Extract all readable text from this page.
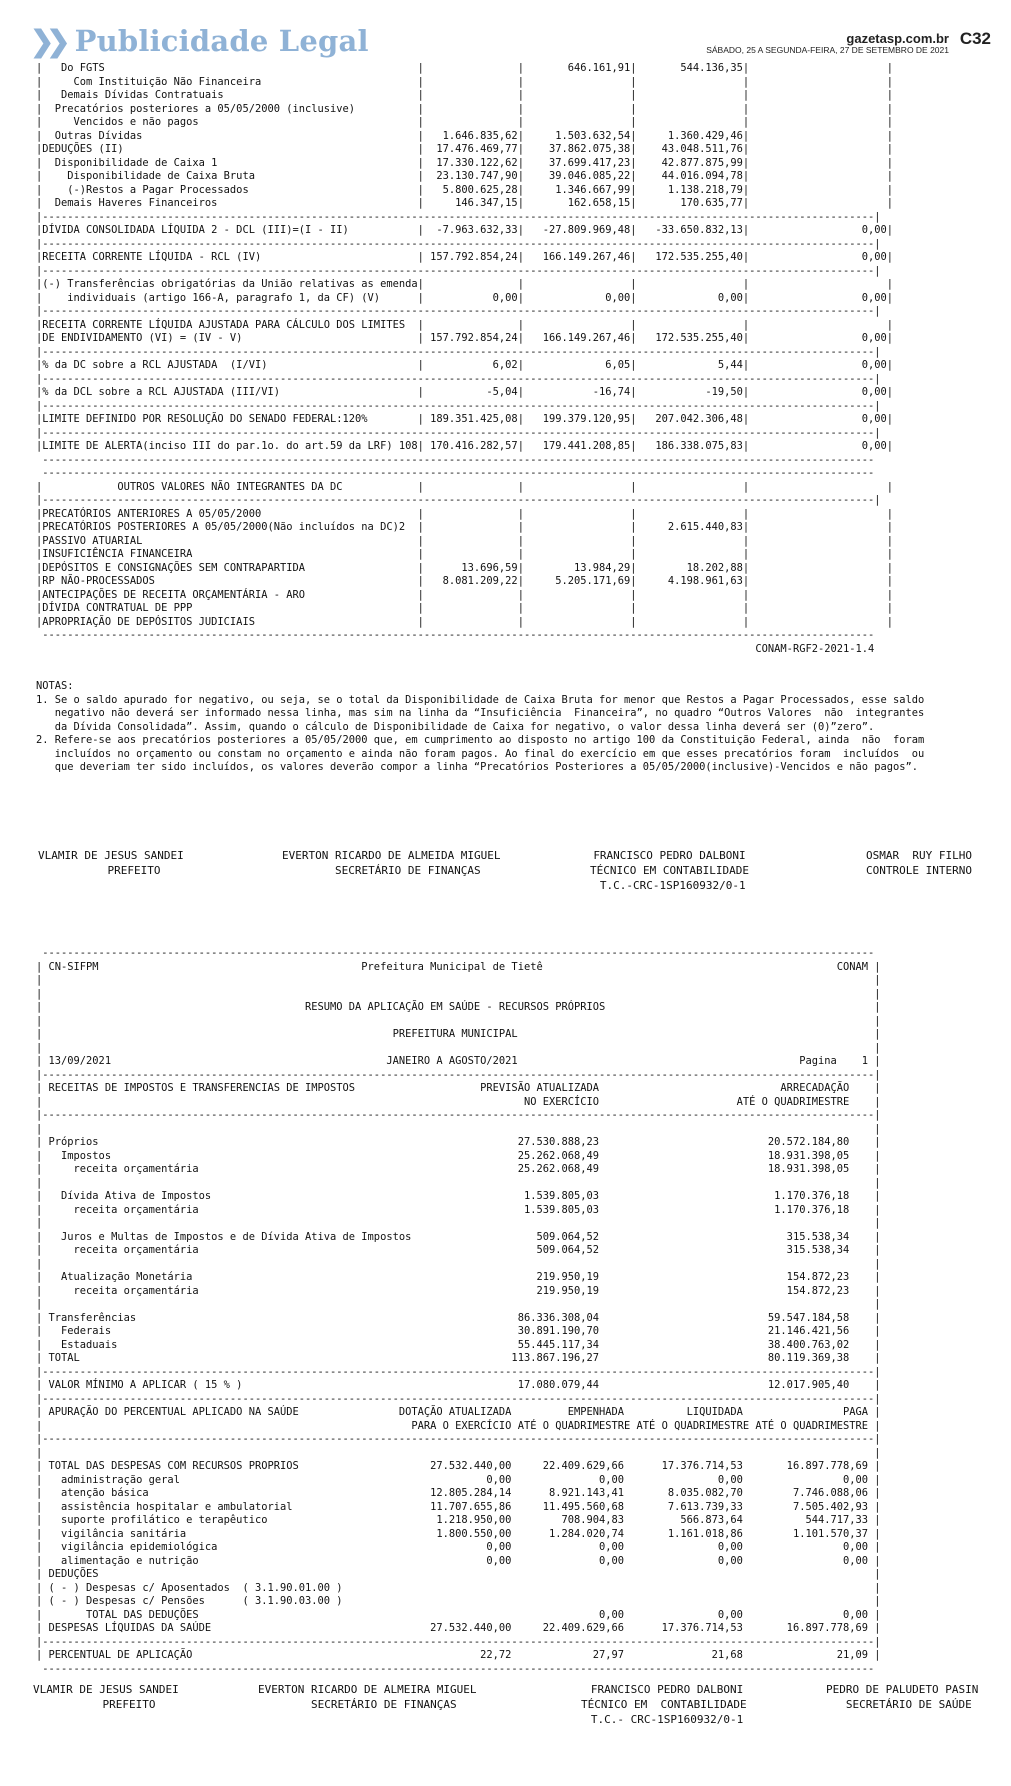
❯❯ Publicidade Legal	gazetasp.com.br
SÁBADO, 25 A SEGUNDA-FEIRA, 27 DE SETEMBRO DE 2021
C32
|   Do FGTS                                                  |               |       646.161,91|       544.136,35|                      |
|     Com Instituição Não Financeira                         |               |                 |                 |                      |
|   Demais Dívidas Contratuais                               |               |                 |                 |                      |
|  Precatórios posteriores a 05/05/2000 (inclusive)          |               |                 |                 |                      |
|     Vencidos e não pagos                                   |               |                 |                 |                      |
|  Outras Dívidas                                            |   1.646.835,62|     1.503.632,54|     1.360.429,46|                      |
|DEDUÇÕES (II)                                               |  17.476.469,77|    37.862.075,38|    43.048.511,76|                      |
|  Disponibilidade de Caixa 1                                |  17.330.122,62|    37.699.417,23|    42.877.875,99|                      |
|    Disponibilidade de Caixa Bruta                          |  23.130.747,90|    39.046.085,22|    44.016.094,78|                      |
|    (-)Restos a Pagar Processados                           |   5.800.625,28|     1.346.667,99|     1.138.218,79|                      |
|  Demais Haveres Financeiros                                |     146.347,15|       162.658,15|       170.635,77|                      |
|-------------------------------------------------------------------------------------------------------------------------------------|
|DÍVIDA CONSOLIDADA LÍQUIDA 2 - DCL (III)=(I - II)           |  -7.963.632,33|   -27.809.969,48|   -33.650.832,13|                  0,00|
|-------------------------------------------------------------------------------------------------------------------------------------|
|RECEITA CORRENTE LÍQUIDA - RCL (IV)                         | 157.792.854,24|   166.149.267,46|   172.535.255,40|                  0,00|
|-------------------------------------------------------------------------------------------------------------------------------------|
|(-) Transferências obrigatórias da União relativas as emenda|               |                 |                 |                      |
|    individuais (artigo 166-A, paragrafo 1, da CF) (V)      |           0,00|             0,00|             0,00|                  0,00|
|-------------------------------------------------------------------------------------------------------------------------------------|
|RECEITA CORRENTE LÍQUIDA AJUSTADA PARA CÁLCULO DOS LIMITES  |               |                 |                 |                      |
|DE ENDIVIDAMENTO (VI) = (IV - V)                            | 157.792.854,24|   166.149.267,46|   172.535.255,40|                  0,00|
|-------------------------------------------------------------------------------------------------------------------------------------|
|% da DC sobre a RCL AJUSTADA  (I/VI)                        |           6,02|             6,05|             5,44|                  0,00|
|-------------------------------------------------------------------------------------------------------------------------------------|
|% da DCL sobre a RCL AJUSTADA (III/VI)                      |          -5,04|           -16,74|           -19,50|                  0,00|
|-------------------------------------------------------------------------------------------------------------------------------------|
|LIMITE DEFINIDO POR RESOLUÇÃO DO SENADO FEDERAL:120%        | 189.351.425,08|   199.379.120,95|   207.042.306,48|                  0,00|
|-------------------------------------------------------------------------------------------------------------------------------------|
|LIMITE DE ALERTA(inciso III do par.1o. do art.59 da LRF) 108| 170.416.282,57|   179.441.208,85|   186.338.075,83|                  0,00|
-------------------------------------------------------------------------------------------------------------------------------------
-------------------------------------------------------------------------------------------------------------------------------------
|            OUTROS VALORES NÃO INTEGRANTES DA DC            |               |                 |                 |                      |
|-------------------------------------------------------------------------------------------------------------------------------------|
|PRECATÓRIOS ANTERIORES A 05/05/2000                         |               |                 |                 |                      |
|PRECATÓRIOS POSTERIORES A 05/05/2000(Não incluídos na DC)2  |               |                 |     2.615.440,83|                      |
|PASSIVO ATUARIAL                                            |               |                 |                 |                      |
|INSUFICIÊNCIA FINANCEIRA                                    |               |                 |                 |                      |
|DEPÓSITOS E CONSIGNAÇÕES SEM CONTRAPARTIDA                  |      13.696,59|        13.984,29|        18.202,88|                      |
|RP NÃO-PROCESSADOS                                          |   8.081.209,22|     5.205.171,69|     4.198.961,63|                      |
|ANTECIPAÇÕES DE RECEITA ORÇAMENTÁRIA - ARO                  |               |                 |                 |                      |
|DÍVIDA CONTRATUAL DE PPP                                    |               |                 |                 |                      |
|APROPRIAÇÃO DE DEPÓSITOS JUDICIAIS                          |               |                 |                 |                      |
-------------------------------------------------------------------------------------------------------------------------------------
CONAM-RGF2-2021-1.4
NOTAS:
1. Se o saldo apurado for negativo, ou seja, se o total da Disponibilidade de Caixa Bruta for menor que Restos a Pagar Processados, esse saldo
negativo não deverá ser informado nessa linha, mas sim na linha da “Insuficiência  Financeira”, no quadro “Outros Valores  não  integrantes
da Dívida Consolidada”. Assim, quando o cálculo de Disponibilidade de Caixa for negativo, o valor dessa linha deverá ser (0)”zero”.
2. Refere-se aos precatórios posteriores a 05/05/2000 que, em cumprimento ao disposto no artigo 100 da Constituição Federal, ainda  não  foram
incluídos no orçamento ou constam no orçamento e ainda não foram pagos. Ao final do exercício em que esses precatórios foram  incluídos  ou
que deveriam ter sido incluídos, os valores deverão compor a linha “Precatórios Posteriores a 05/05/2000(inclusive)-Vencidos e não pagos”.
VLAMIR DE JESUS SANDEI
PREFEITO
EVERTON RICARDO DE ALMEIDA MIGUEL
SECRETÁRIO DE FINANÇAS
FRANCISCO PEDRO DALBONI
TÉCNICO EM CONTABILIDADE
T.C.-CRC-1SP160932/0-1
OSMAR  RUY FILHO
CONTROLE INTERNO
-------------------------------------------------------------------------------------------------------------------------------------
| CN-SIFPM                                          Prefeitura Municipal de Tietê                                               CONAM |
|                                                                                                                                     |
|                                                                                                                                     |
|                                          RESUMO DA APLICAÇÃO EM SAÚDE - RECURSOS PRÓPRIOS                                           |
|                                                                                                                                     |
|                                                        PREFEITURA MUNICIPAL                                                         |
|                                                                                                                                     |
| 13/09/2021                                            JANEIRO A AGOSTO/2021                                             Pagina    1 |
|-------------------------------------------------------------------------------------------------------------------------------------|
| RECEITAS DE IMPOSTOS E TRANSFERENCIAS DE IMPOSTOS                    PREVISÃO ATUALIZADA                             ARRECADAÇÃO    |
|                                                                             NO EXERCÍCIO                      ATÉ O QUADRIMESTRE    |
|-------------------------------------------------------------------------------------------------------------------------------------|
|                                                                                                                                     |
| Próprios                                                                   27.530.888,23                           20.572.184,80    |
|   Impostos                                                                 25.262.068,49                           18.931.398,05    |
|     receita orçamentária                                                   25.262.068,49                           18.931.398,05    |
|                                                                                                                                     |
|   Dívida Ativa de Impostos                                                  1.539.805,03                            1.170.376,18    |
|     receita orçamentária                                                    1.539.805,03                            1.170.376,18    |
|                                                                                                                                     |
|   Juros e Multas de Impostos e de Dívida Ativa de Impostos                    509.064,52                              315.538,34    |
|     receita orçamentária                                                      509.064,52                              315.538,34    |
|                                                                                                                                     |
|   Atualização Monetária                                                       219.950,19                              154.872,23    |
|     receita orçamentária                                                      219.950,19                              154.872,23    |
|                                                                                                                                     |
| Transferências                                                             86.336.308,04                           59.547.184,58    |
|   Federais                                                                 30.891.190,70                           21.146.421,56    |
|   Estaduais                                                                55.445.117,34                           38.400.763,02    |
| TOTAL                                                                     113.867.196,27                           80.119.369,38    |
|-------------------------------------------------------------------------------------------------------------------------------------|
| VALOR MÍNIMO A APLICAR ( 15 % )                                            17.080.079,44                           12.017.905,40    |
|-------------------------------------------------------------------------------------------------------------------------------------|
| APURAÇÃO DO PERCENTUAL APLICADO NA SAÚDE                DOTAÇÃO ATUALIZADA         EMPENHADA          LIQUIDADA                PAGA |
|                                                           PARA O EXERCÍCIO ATÉ O QUADRIMESTRE ATÉ O QUADRIMESTRE ATÉ O QUADRIMESTRE |
|-------------------------------------------------------------------------------------------------------------------------------------|
|                                                                                                                                     |
| TOTAL DAS DESPESAS COM RECURSOS PROPRIOS                     27.532.440,00     22.409.629,66      17.376.714,53       16.897.778,69 |
|   administração geral                                                 0,00              0,00               0,00                0,00 |
|   atenção básica                                             12.805.284,14      8.921.143,41       8.035.082,70        7.746.088,06 |
|   assistência hospitalar e ambulatorial                      11.707.655,86     11.495.560,68       7.613.739,33        7.505.402,93 |
|   suporte profilático e terapêutico                           1.218.950,00        708.904,83         566.873,64          544.717,33 |
|   vigilância sanitária                                        1.800.550,00      1.284.020,74       1.161.018,86        1.101.570,37 |
|   vigilância epidemiológica                                           0,00              0,00               0,00                0,00 |
|   alimentação e nutrição                                              0,00              0,00               0,00                0,00 |
| DEDUÇÕES                                                                                                                            |
| ( - ) Despesas c/ Aposentados  ( 3.1.90.01.00 )                                                                                     |
| ( - ) Despesas c/ Pensões      ( 3.1.90.03.00 )                                                                                     |
|       TOTAL DAS DEDUÇÕES                                                                0,00               0,00                0,00 |
| DESPESAS LÍQUIDAS DA SAÚDE                                   27.532.440,00     22.409.629,66      17.376.714,53       16.897.778,69 |
|-------------------------------------------------------------------------------------------------------------------------------------|
| PERCENTUAL DE APLICAÇÃO                                              22,72             27,97              21,68               21,09 |
-------------------------------------------------------------------------------------------------------------------------------------
VLAMIR DE JESUS SANDEI
PREFEITO
EVERTON RICARDO DE ALMEIRA MIGUEL
SECRETÁRIO DE FINANÇAS
FRANCISCO PEDRO DALBONI
TÉCNICO EM  CONTABILIDADE
T.C.- CRC-1SP160932/0-1
PEDRO DE PALUDETO PASIN
SECRETÁRIO DE SAÚDE
